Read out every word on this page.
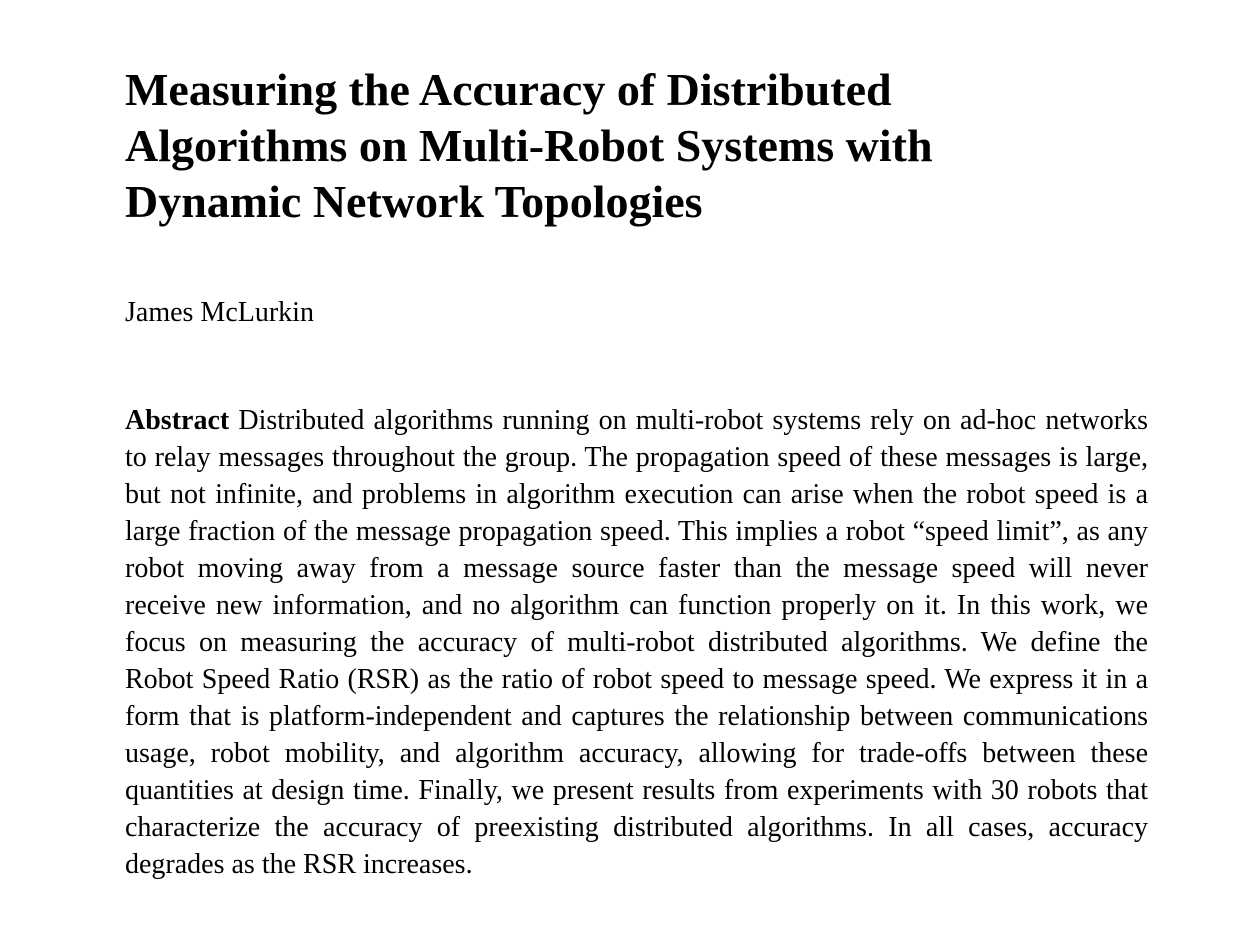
Measuring the Accuracy of Distributed
Algorithms on Multi-Robot Systems with
Dynamic Network Topologies

James McLurkin

Abstract Distributed algorithms running on multi-robot systems rely on ad-hoc networks to relay messages throughout the group. The propagation speed of these messages is large, but not infinite, and problems in algorithm execution can arise when the robot speed is a large fraction of the message propagation speed. This implies a robot “speed limit”, as any robot moving away from a message source faster than the message speed will never receive new information, and no algorithm can function properly on it. In this work, we focus on measuring the accuracy of multi-robot distributed algorithms. We define the Robot Speed Ratio (RSR) as the ratio of robot speed to message speed. We express it in a form that is platform-independent and captures the relationship between communications usage, robot mobility, and algorithm accuracy, allowing for trade-offs between these quantities at design time. Finally, we present results from experiments with 30 robots that characterize the accuracy of preexisting distributed algorithms. In all cases, accuracy degrades as the RSR increases.
